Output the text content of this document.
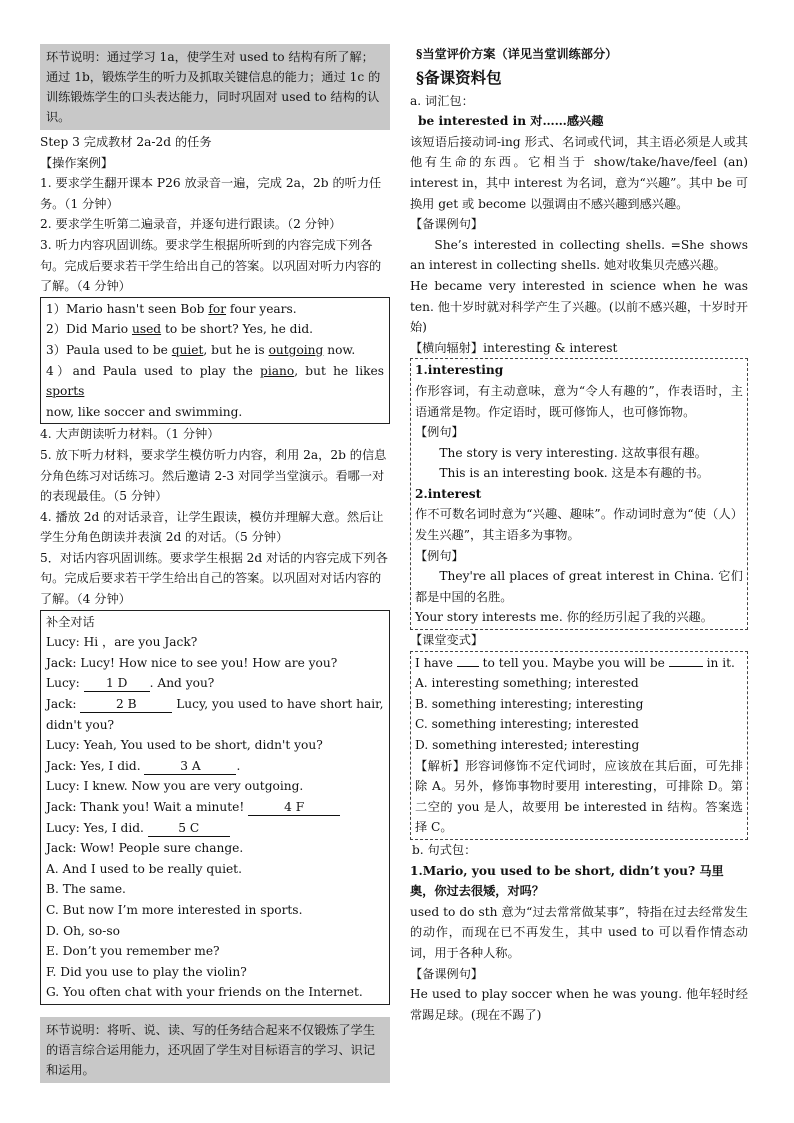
环节说明：通过学习 1a，使学生对 used to 结构有所了解；通过 1b，锻炼学生的听力及抓取关键信息的能力；通过 1c 的训练锻炼学生的口头表达能力，同时巩固对 used to 结构的认识。

Step 3 完成教材 2a-2d 的任务

【操作案例】

1. 要求学生翻开课本 P26 放录音一遍，完成 2a，2b 的听力任务。（1 分钟）

2. 要求学生听第二遍录音，并逐句进行跟读。（2 分钟）

3. 听力内容巩固训练。要求学生根据所听到的内容完成下列各句。完成后要求若干学生给出自己的答案。以巩固对听力内容的了解。（4 分钟）

1）Mario hasn't seen Bob for four years.

2）Did Mario used to be short? Yes, he did.

3）Paula used to be quiet, but he is outgoing now.

4）and Paula used to play the piano, but he likes sports

now, like soccer and swimming.

4. 大声朗读听力材料。（1 分钟）

5. 放下听力材料，要求学生模仿听力内容，利用 2a，2b 的信息分角色练习对话练习。然后邀请 2-3 对同学当堂演示。看哪一对的表现最佳。（5 分钟）

4. 播放 2d 的对话录音，让学生跟读，模仿并理解大意。然后让学生分角色朗读并表演 2d 的对话。（5 分钟）

5．对话内容巩固训练。要求学生根据 2d 对话的内容完成下列各句。完成后要求若干学生给出自己的答案。以巩固对对话内容的了解。（4 分钟）

补全对话

Lucy: Hi ，are you Jack?

Jack: Lucy! How nice to see you! How are you?

Lucy: 1 D . And you?

Jack:	2 B	Lucy, you used to have short hair,

didn't you?

Lucy: Yeah, You used to be short, didn't you?

Jack: Yes, I did.	3 A	.

Lucy: I knew. Now you are very outgoing.

Jack: Thank you! Wait a minute!	4 F

Lucy: Yes, I did.	5 C

Jack: Wow! People sure change.

A. And I used to be really quiet.

B. The same.

C. But now I’m more interested in sports.

D. Oh, so-so

E. Don’t you remember me?

F. Did you use to play the violin?

G. You often chat with your friends on the Internet.

环节说明：将听、说、读、写的任务结合起来不仅锻炼了学生的语言综合运用能力，还巩固了学生对目标语言的学习、识记和运用。

§当堂评价方案（详见当堂训练部分）

§备课资料包

a. 词汇包：

be interested in 对……感兴趣

该短语后接动词-ing 形式、名词或代词，其主语必须是人或其他有生命的东西。它相当于 show/take/have/feel (an) interest in，其中 interest 为名词，意为“兴趣”。其中 be 可换用 get 或 become 以强调由不感兴趣到感兴趣。

【备课例句】

She’s interested in collecting shells. =She shows an interest in collecting shells. 她对收集贝壳感兴趣。

He became very interested in science when he was ten. 他十岁时就对科学产生了兴趣。(以前不感兴趣，十岁时开始)

【横向辐射】interesting & interest

1.interesting

作形容词，有主动意味，意为“令人有趣的”，作表语时，主语通常是物。作定语时，既可修饰人，也可修饰物。

【例句】

The story is very interesting. 这故事很有趣。

This is an interesting book. 这是本有趣的书。

2.interest

作不可数名词时意为“兴趣、趣味”。作动词时意为“使（人）发生兴趣”，其主语多为事物。

【例句】

They're all places of great interest in China. 它们都是中国的名胜。

Your story interests me. 你的经历引起了我的兴趣。

【课堂变式】

I have  to tell you. Maybe you will be	in it.

A. interesting something; interested

B. something interesting; interesting

C. something interesting; interested

D. something interested; interesting

【解析】形容词修饰不定代词时，应该放在其后面，可先排除 A。另外，修饰事物时要用 interesting，可排除 D。第二空的 you 是人，故要用 be interested in 结构。答案选择 C。

b. 句式包：

1.Mario, you used to be short, didn’t you? 马里奥，你过去很矮，对吗？

used to do sth 意为“过去常常做某事”，特指在过去经常发生的动作，而现在已不再发生，其中 used to 可以看作情态动词，用于各种人称。

【备课例句】

He used to play soccer when he was young. 他年轻时经常踢足球。(现在不踢了)
